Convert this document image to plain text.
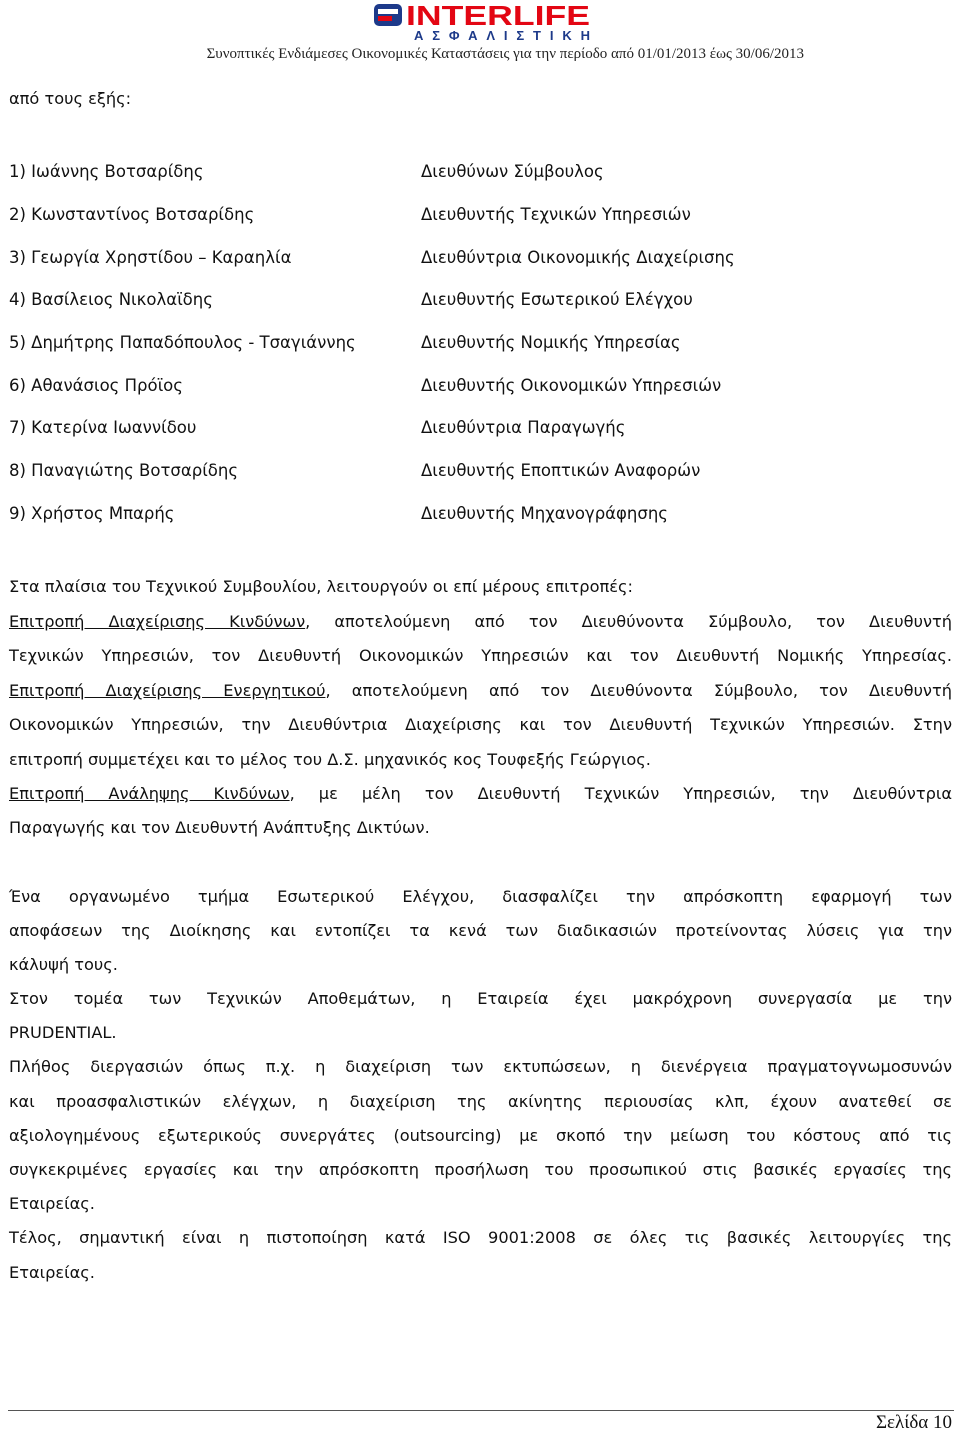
INTERLIFE
ΑΣΦΑΛΙΣΤΙΚΗ
Συνοπτικές Ενδιάμεσες Οικονομικές Καταστάσεις για την περίοδο από 01/01/2013 έως 30/06/2013
από τους εξής:
1) Ιωάννης Βοτσαρίδης	Διευθύνων Σύμβουλος
2) Κωνσταντίνος Βοτσαρίδης	Διευθυντής Τεχνικών Υπηρεσιών
3) Γεωργία Χρηστίδου – Καραηλία	Διευθύντρια Οικονομικής Διαχείρισης
4) Βασίλειος Νικολαϊδης	Διευθυντής Εσωτερικού Ελέγχου
5) Δημήτρης Παπαδόπουλος - Τσαγιάννης	Διευθυντής Νομικής Υπηρεσίας
6) Αθανάσιος Πρόϊος	Διευθυντής Οικονομικών Υπηρεσιών
7) Κατερίνα Ιωαννίδου	Διευθύντρια Παραγωγής
8) Παναγιώτης Βοτσαρίδης	Διευθυντής Εποπτικών Αναφορών
9) Χρήστος Μπαρής	Διευθυντής Μηχανογράφησης
Στα πλαίσια του Τεχνικού Συμβουλίου, λειτουργούν οι επί μέρους επιτροπές:
Επιτροπή Διαχείρισης Κινδύνων, αποτελούμενη από τον Διευθύνοντα Σύμβουλο, τον Διευθυντή
Τεχνικών Υπηρεσιών, τον Διευθυντή Οικονομικών Υπηρεσιών και τον Διευθυντή Νομικής Υπηρεσίας.
Επιτροπή Διαχείρισης Ενεργητικού, αποτελούμενη από τον Διευθύνοντα Σύμβουλο, τον Διευθυντή
Οικονομικών Υπηρεσιών, την Διευθύντρια Διαχείρισης και τον Διευθυντή Τεχνικών Υπηρεσιών. Στην
επιτροπή συμμετέχει και το μέλος του Δ.Σ. μηχανικός κος Τουφεξής Γεώργιος.
Επιτροπή Ανάληψης Κινδύνων, με μέλη τον Διευθυντή Τεχνικών Υπηρεσιών, την Διευθύντρια
Παραγωγής και τον Διευθυντή Ανάπτυξης Δικτύων.
Ένα οργανωμένο τμήμα Εσωτερικού Ελέγχου, διασφαλίζει την απρόσκοπτη εφαρμογή των
αποφάσεων της Διοίκησης και εντοπίζει τα κενά των διαδικασιών προτείνοντας λύσεις για την
κάλυψή τους.
Στον τομέα των Τεχνικών Αποθεμάτων, η Εταιρεία έχει μακρόχρονη συνεργασία με την
PRUDENTIAL.
Πλήθος διεργασιών όπως π.χ. η διαχείριση των εκτυπώσεων, η διενέργεια πραγματογνωμοσυνών
και προασφαλιστικών ελέγχων, η διαχείριση της ακίνητης περιουσίας κλπ, έχουν ανατεθεί σε
αξιολογημένους εξωτερικούς συνεργάτες (outsourcing) με σκοπό την μείωση του κόστους από τις
συγκεκριμένες εργασίες και την απρόσκοπτη προσήλωση του προσωπικού στις βασικές εργασίες της
Εταιρείας.
Τέλος, σημαντική είναι η πιστοποίηση κατά ISO 9001:2008 σε όλες τις βασικές λειτουργίες της
Εταιρείας.
Σελίδα 10
